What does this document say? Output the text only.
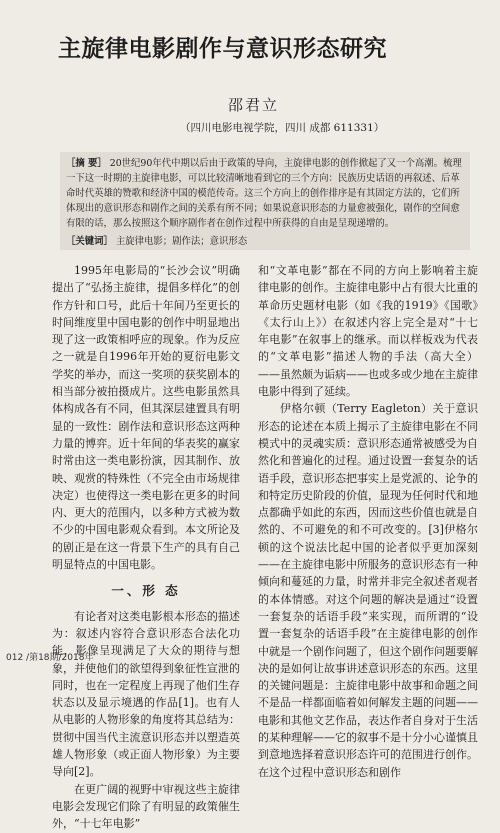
主旋律电影剧作与意识形态研究
邵君立
（四川电影电视学院，四川 成都 611331）

［摘 要］ 20世纪90年代中期以后由于政策的导向，主旋律电影的创作掀起了又一个高潮。梳理一下这一时期的主旋律电影，可以比较清晰地看到它的三个方向：民族历史话语的再叙述、后革命时代英雄的赞歌和经济中国的模范传奇。这三个方向上的创作排序是有其固定方法的，它们所体现出的意识形态和剧作之间的关系有所不同；如果说意识形态的力量愈被强化，剧作的空间愈有限的话，那么按照这个顺序剧作者在创作过程中所获得的自由是呈现递增的。

［关键词］ 主旋律电影；剧作法；意识形态

1995年电影局的“长沙会议”明确提出了“弘扬主旋律，提倡多样化”的创作方针和口号，此后十年间乃至更长的时间维度里中国电影的创作中明显地出现了这一政策相呼应的现象。作为反应之一就是自1996年开始的夏衍电影文学奖的举办，而这一奖项的获奖剧本的相当部分被拍摄成片。这些电影虽然具体构成各有不同，但其深层建置具有明显的一致性：剧作法和意识形态这两种力量的博弈。近十年间的华表奖的赢家时常由这一类电影扮演，因其制作、放映、观赏的特殊性（不完全由市场规律决定）也使得这一类电影在更多的时间内、更大的范围内，以多种方式被为数不少的中国电影观众看到。本文所论及的剧正是在这一背景下生产的具有自己明显特点的中国电影。

一、形 态

有论者对这类电影根本形态的描述为：叙述内容符合意识形态合法化功能，影像呈现满足了大众的期待与想象，并使他们的欲望得到象征性宣泄的同时，也在一定程度上再现了他们生存状态以及显示境遇的作品[1]。也有人从电影的人物形象的角度将其总结为：贯彻中国当代主流意识形态并以塑造英雄人物形象（或正面人物形象）为主要导向[2]。

在更广阔的视野中审视这些主旋律电影会发现它们除了有明显的政策催生外，“十七年电影”

和“文革电影”都在不同的方向上影响着主旋律电影的创作。主旋律电影中占有很大比重的革命历史题材电影（如《我的1919》《国歌》《太行山上》）在叙述内容上完全是对“十七年电影”在叙事上的继承。而以样板戏为代表的“文革电影”描述人物的手法（高大全）——虽然颇为诟病——也或多或少地在主旋律电影中得到了延续。

伊格尔顿（Terry Eagleton）关于意识形态的论述在本质上揭示了主旋律电影在不同模式中的灵魂实质：意识形态通常被感受为自然化和普遍化的过程。通过设置一套复杂的话语手段，意识形态把事实上是党派的、论争的和特定历史阶段的价值，显现为任何时代和地点都确乎如此的东西，因而这些价值也就是自然的、不可避免的和不可改变的。[3]伊格尔顿的这个说法比起中国的论者似乎更加深刻——在主旋律电影中所服务的意识形态有一种倾向和蔓延的力量，时常并非完全叙述者观者的本体情感。对这个问题的解决是通过“设置一套复杂的话语手段”来实现，而所谓的“设置一套复杂的话语手段”在主旋律电影的创作中就是一个剧作问题了，但这个剧作问题要解决的是如何让故事讲述意识形态的东西。这里的关键问题是：主旋律电影中故事和命题之间不是品一样都面临着如何解发主题的问题——电影和其他文艺作品，表达作者自身对于生活的某种理解——它的叙事不是十分小心谨慎且到意地选择着意识形态许可的范围进行创作。在这个过程中意识形态和剧作

012 /第18期/2018年
